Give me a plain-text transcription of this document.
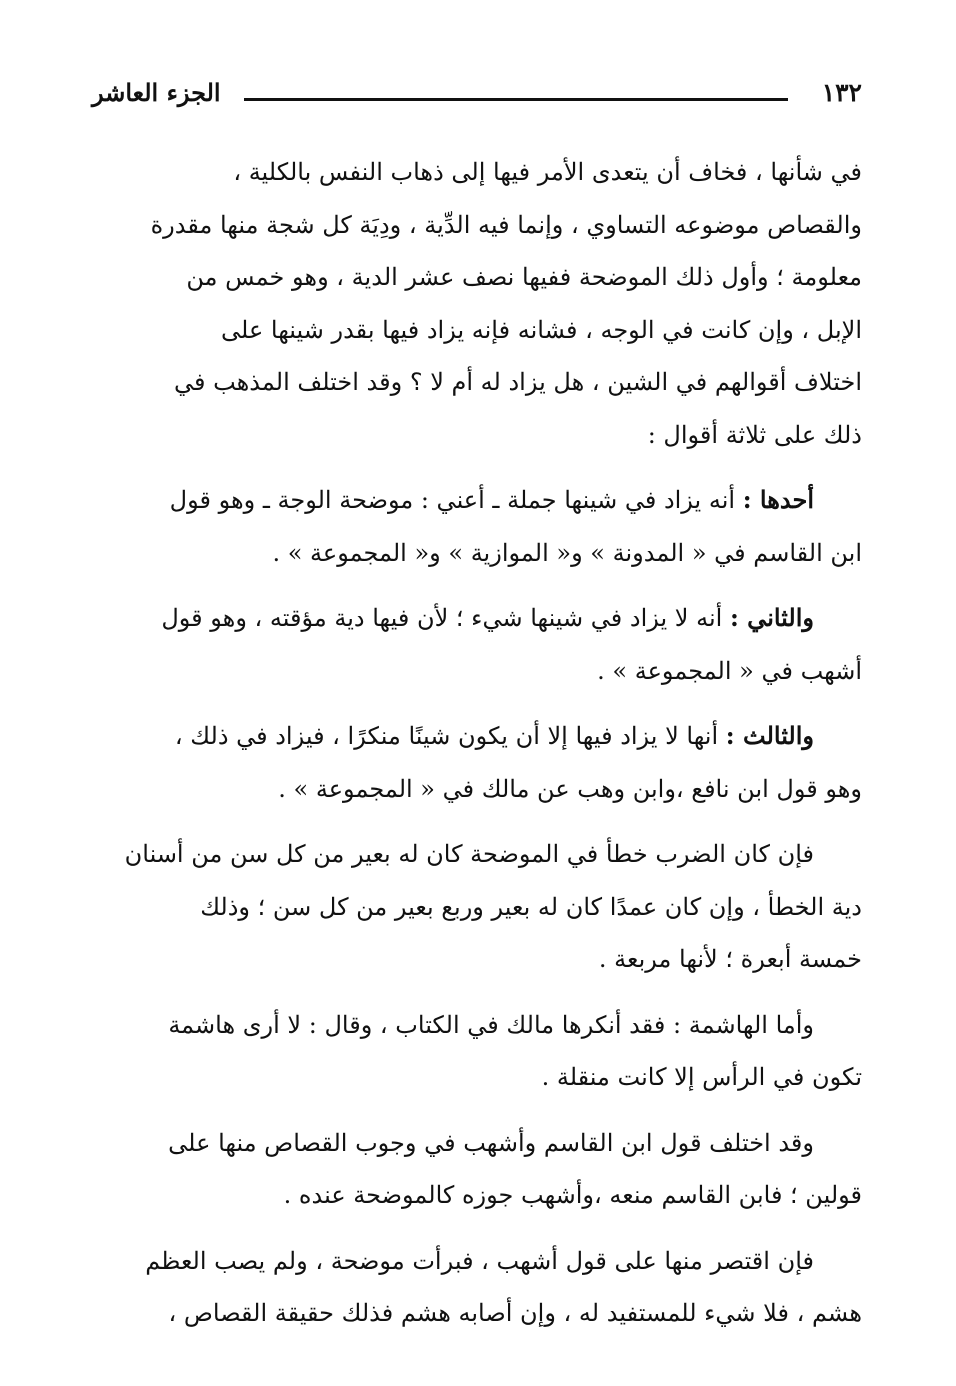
١٣٢
الجزء العاشر
في شأنها ، فخاف أن يتعدى الأمر فيها إلى ذهاب النفس بالكلية ،
والقصاص موضوعه التساوي ، وإنما فيه الدِّية ، ودِيَة كل شجة منها مقدرة
معلومة ؛ وأول ذلك الموضحة ففيها نصف عشر الدية ، وهو خمس من
الإبل ، وإن كانت في الوجه ، فشانه فإنه يزاد فيها بقدر شينها على
اختلاف أقوالهم في الشين ، هل يزاد له أم لا ؟ وقد اختلف المذهب في
ذلك على ثلاثة أقوال :
أحدها : أنه يزاد في شينها جملة ـ أعني : موضحة الوجة ـ وهو قول
ابن القاسم في « المدونة » و« الموازية » و« المجموعة » .
والثاني : أنه لا يزاد في شينها شيء ؛ لأن فيها دية مؤقته ، وهو قول
أشهب في « المجموعة » .
والثالث : أنها لا يزاد فيها إلا أن يكون شينًا منكرًا ، فيزاد في ذلك ،
وهو قول ابن نافع ،وابن وهب عن مالك في « المجموعة » .
فإن كان الضرب خطأ في الموضحة كان له بعير من كل سن من أسنان
دية الخطأ ، وإن كان عمدًا كان له بعير وربع بعير من كل سن ؛ وذلك
خمسة أبعرة ؛ لأنها مربعة .
وأما الهاشمة : فقد أنكرها مالك في الكتاب ، وقال : لا أرى هاشمة
تكون في الرأس إلا كانت منقلة .
وقد اختلف قول ابن القاسم وأشهب في وجوب القصاص منها على
قولين ؛ فابن القاسم منعه ،وأشهب جوزه كالموضحة عنده .
فإن اقتصر منها على قول أشهب ، فبرأت موضحة ، ولم يصب العظم
هشم ، فلا شيء للمستفيد له ، وإن أصابه هشم فذلك حقيقة القصاص ،
